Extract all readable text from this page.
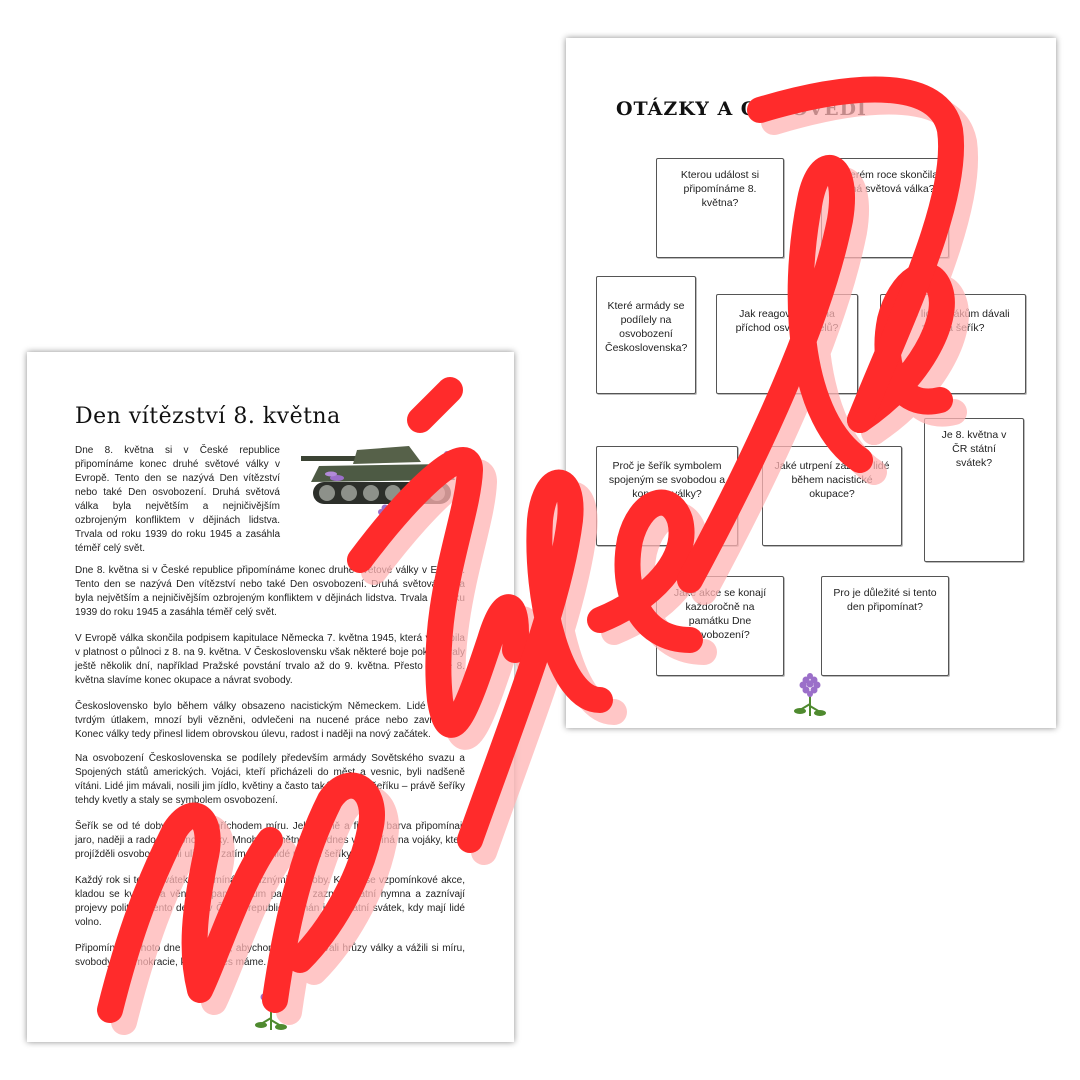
OTÁZKY A ODPOVĚDI
Kterou událost si připomínáme 8. května?
V kterém roce skončila druhá světová válka?
Které armády se podílely na osvobození Československa?
Jak reagovali lidé na příchod osvoboditelů?
Proč lidé vojákům dávali zrovna šeřík?
Je 8. května v ČR státní svátek?
Proč je šeřík symbolem spojeným se svobodou a koncem války?
Jaké utrpení zažívali lidé během nacistické okupace?
Jaké akce se konají každoročně na památku Dne osvobození?
Pro je důležité si tento den připomínat?
Den vítězství 8. května
Dne 8. května si v České republice připomínáme konec druhé světové války v Evropě. Tento den se nazývá Den vítězství nebo také Den osvobození. Druhá světová válka byla největším a nejničivějším ozbrojeným konfliktem v dějinách lidstva. Trvala od roku 1939 do roku 1945 a zasáhla téměř celý svět.
Dne 8. května si v České republice připomínáme konec druhé světové války v Evropě. Tento den se nazývá Den vítězství nebo také Den osvobození. Druhá světová válka byla největším a nejničivějším ozbrojeným konfliktem v dějinách lidstva. Trvala od roku 1939 do roku 1945 a zasáhla téměř celý svět.
V Evropě válka skončila podpisem kapitulace Německa 7. května 1945, která vstoupila v platnost o půlnoci z 8. na 9. května. V Československu však některé boje pokračovaly ještě několik dní, například Pražské povstání trvalo až do 9. května. Přesto právě 8. května slavíme konec okupace a návrat svobody.
Československo bylo během války obsazeno nacistickým Německem. Lidé žili pod tvrdým útlakem, mnozí byli vězněni, odvlečeni na nucené práce nebo zavražděni. Konec války tedy přinesl lidem obrovskou úlevu, radost i naději na nový začátek.
Na osvobození Československa se podílely především armády Sovětského svazu a Spojených států amerických. Vojáci, kteří přicházeli do měst a vesnic, byli nadšeně vítáni. Lidé jim mávali, nosili jim jídlo, květiny a často také větvičky šeříku – právě šeříky tehdy kvetly a staly se symbolem osvobození.
Šeřík se od té doby spojuje s příchodem míru. Jeho vůně a fialová barva připomínají jaro, naději a radost z konce války. Mnoho pamětníků dodnes vzpomíná na vojáky, kteří projížděli osvobozenými ulicemi, zatímco jim lidé mávali šeříky.
Každý rok si tento svátek připomínáme různými způsoby. Konají se vzpomínkové akce, kladou se květiny a věnce k památníkům padlých, zaznívá státní hymna a zaznívají projevy politiků. Tento den je v České republice uznán jako státní svátek, kdy mají lidé volno.
Připomínání tohoto dne je důležité, abychom si pamatovali hrůzy války a vážili si míru, svobody a demokracie, kterou dnes máme.
